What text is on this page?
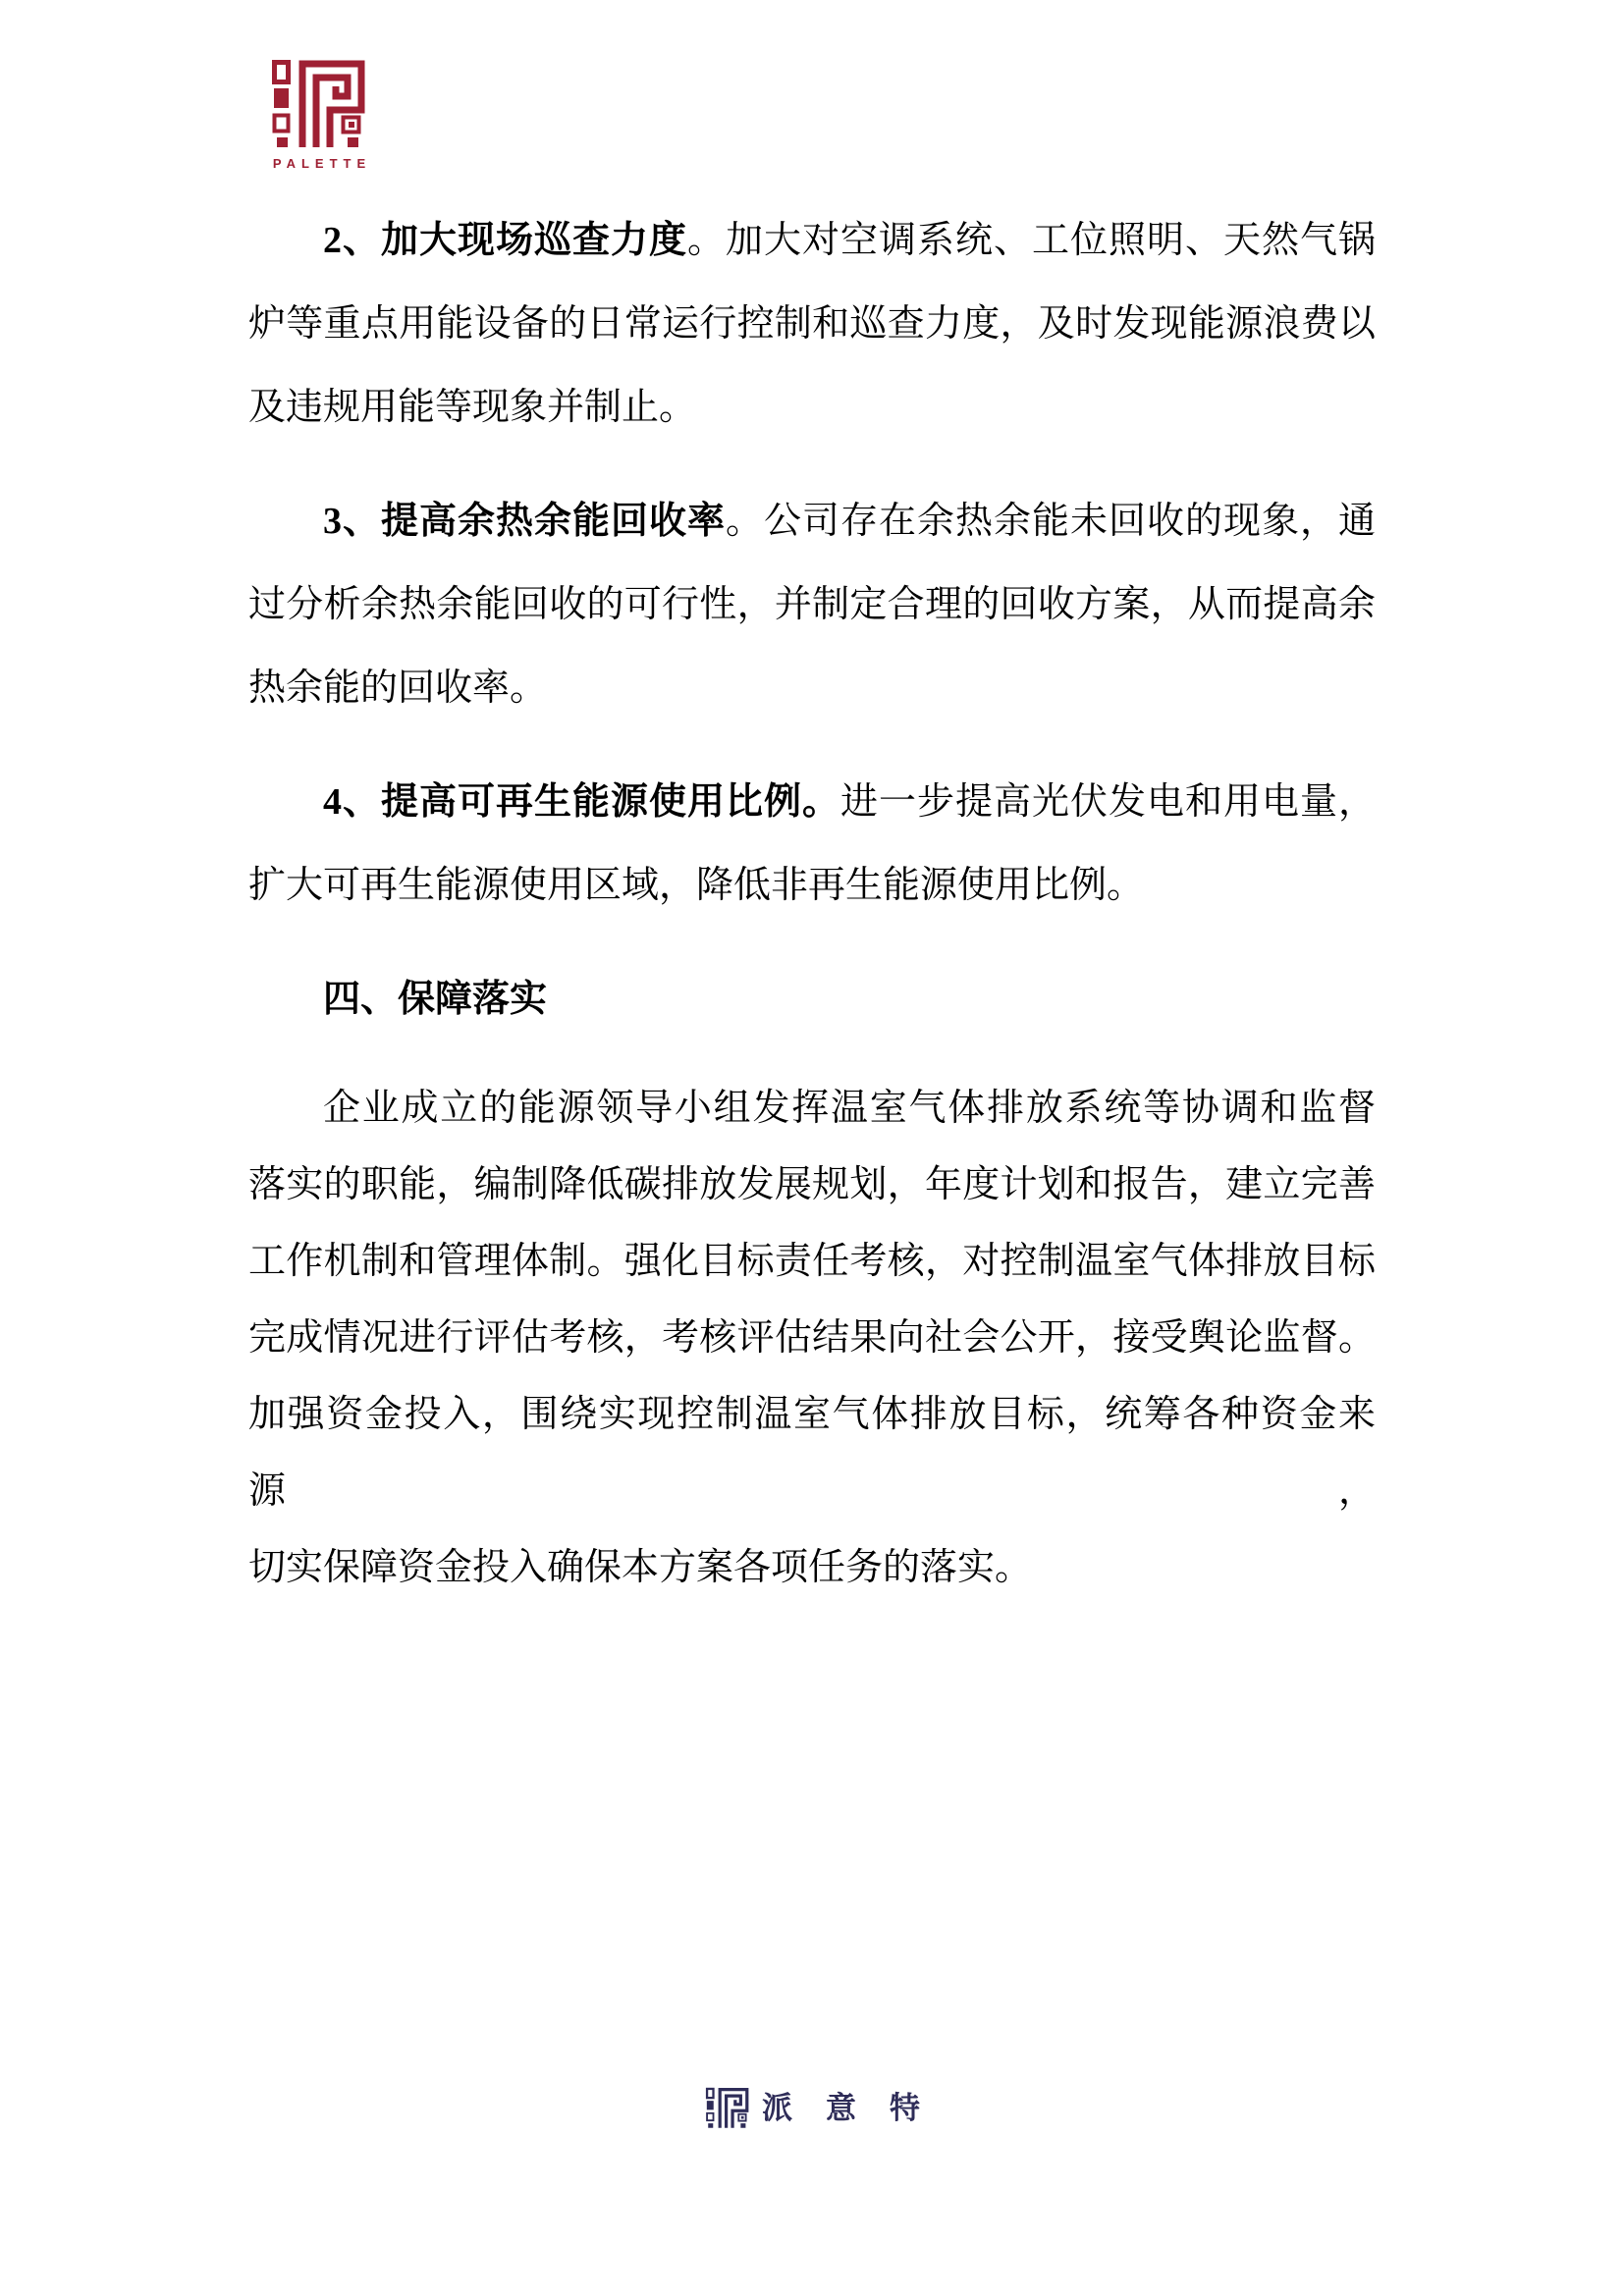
PALETTE

2、加大现场巡查力度。加大对空调系统、工位照明、天然气锅
炉等重点用能设备的日常运行控制和巡查力度，及时发现能源浪费以
及违规用能等现象并制止。

3、提高余热余能回收率。公司存在余热余能未回收的现象，通
过分析余热余能回收的可行性，并制定合理的回收方案，从而提高余
热余能的回收率。

4、提高可再生能源使用比例。进一步提高光伏发电和用电量，
扩大可再生能源使用区域，降低非再生能源使用比例。

四、保障落实

企业成立的能源领导小组发挥温室气体排放系统等协调和监督
落实的职能，编制降低碳排放发展规划，年度计划和报告，建立完善
工作机制和管理体制。强化目标责任考核，对控制温室气体排放目标
完成情况进行评估考核，考核评估结果向社会公开，接受舆论监督。
加强资金投入，围绕实现控制温室气体排放目标，统筹各种资金来源，
切实保障资金投入确保本方案各项任务的落实。

派意特
